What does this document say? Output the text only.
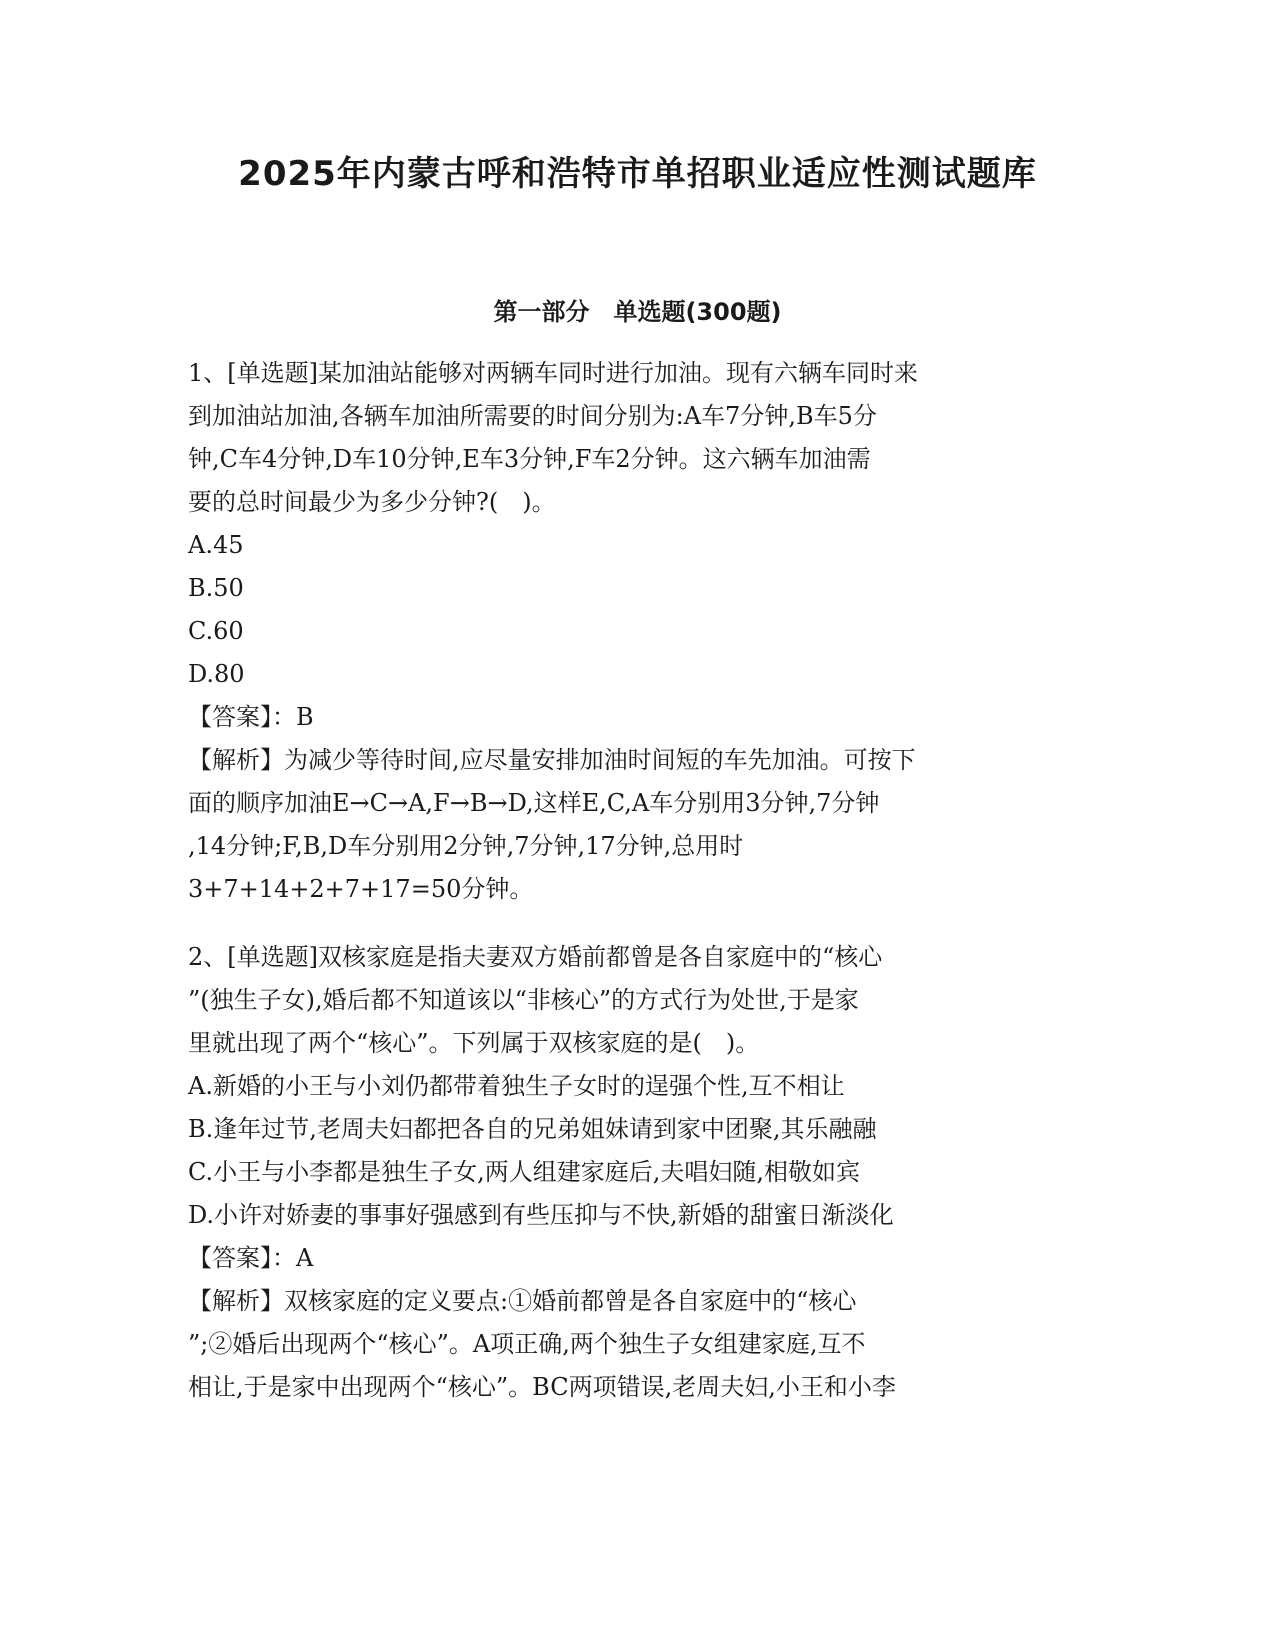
2025年内蒙古呼和浩特市单招职业适应性测试题库
第一部分　单选题(300题)
1、[单选题]某加油站能够对两辆车同时进行加油。现有六辆车同时来
到加油站加油,各辆车加油所需要的时间分别为:A车7分钟,B车5分
钟,C车4分钟,D车10分钟,E车3分钟,F车2分钟。这六辆车加油需
要的总时间最少为多少分钟?(　)。
A.45
B.50
C.60
D.80
【答案】：B
【解析】为减少等待时间,应尽量安排加油时间短的车先加油。可按下
面的顺序加油E→C→A,F→B→D,这样E,C,A车分别用3分钟,7分钟
,14分钟;F,B,D车分别用2分钟,7分钟,17分钟,总用时
3+7+14+2+7+17=50分钟。
2、[单选题]双核家庭是指夫妻双方婚前都曾是各自家庭中的“核心
”(独生子女),婚后都不知道该以“非核心”的方式行为处世,于是家
里就出现了两个“核心”。下列属于双核家庭的是(　)。
A.新婚的小王与小刘仍都带着独生子女时的逞强个性,互不相让
B.逢年过节,老周夫妇都把各自的兄弟姐妹请到家中团聚,其乐融融
C.小王与小李都是独生子女,两人组建家庭后,夫唱妇随,相敬如宾
D.小许对娇妻的事事好强感到有些压抑与不快,新婚的甜蜜日渐淡化
【答案】：A
【解析】双核家庭的定义要点:①婚前都曾是各自家庭中的“核心
”;②婚后出现两个“核心”。A项正确,两个独生子女组建家庭,互不
相让,于是家中出现两个“核心”。BC两项错误,老周夫妇,小王和小李
